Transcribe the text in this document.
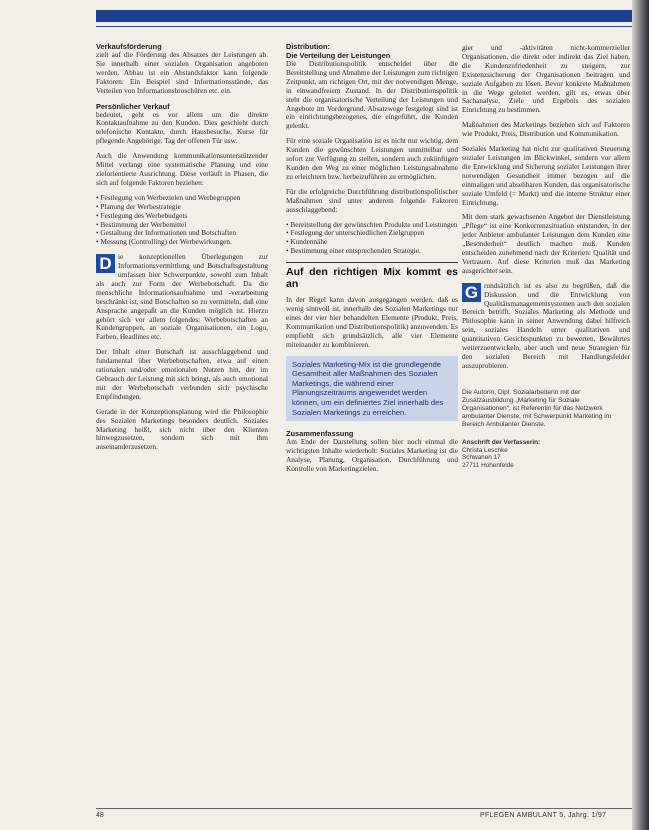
Verkaufsförderung

zielt auf die Förderung des Absatzes der Leistungen ab. Sie innerhalb einer sozialen Organisation angeboten werden. Abbau ist ein Abstandsfaktor kann folgende Faktoren: Ein Beispiel sind Informationsstände, das Verteilen von Informationsbroschüren etc. ein.

Persönlicher Verkauf

bedeutet, geht es vor allem um die direkte Kontaktaufnahme zu den Kunden. Dies geschieht durch telefonische Kontakte, durch Hausbesuche, Kurse für pflegende Angehörige, Tag der offenen Tür usw.

Auch die Anwendung kommunikationsunterstützender Mittel verlangt eine systematische Planung und eine zielorientierte Ausrichtung. Diese verläuft in Phasen, die sich auf folgende Faktoren beziehen:

• Festlegung von Werbezielen und Werbegruppen
• Planung der Werbestrategie
• Festlegung des Werbebudgets
• Bestimmung der Werbemittel
• Gestaltung der Informationen und Botschaften
• Messung (Controlling) der Werbewirkungen.

D ie konzeptionellen Überlegungen zur Informationsvermittlung und Botschaftsgestaltung umfassen hier Schwerpunkte, sowohl zum Inhalt als auch zur Form der Werbebotschaft. Da die menschliche Informationsaufnahme und -verarbeitung beschränkt ist, sind Botschaften so zu vermitteln, daß eine Ansprache angepaßt an die Kunden möglich ist. Hierzu gehört sich vor allem folgendes: Werbebotschaften an Kundengruppen, an soziale Organisationen, ein Logo, Farben, Headlines etc.

Der Inhalt einer Botschaft ist ausschlaggebend und fundamental über Werbebotschaften, etwa auf einen rationalen und/oder emotionalen Nutzen hin, der im Gebrauch der Leistung mit sich bringt, als auch emotional mit der Werbebotschaft verbunden sich psychische Empfindungen.

Gerade in der Konzeptionsplanung wird die Philosophie des Sozialen Marketings besonders deutlich. Soziales Marketing heißt, sich nicht über den Klienten hinwegzusetzen, sondern sich mit ihm auseinanderzusetzen.

Distribution:
Die Verteilung der Leistungen

Die Distributionspolitik entscheidet über die Bereitstellung und Abnahme der Leistungen zum richtigen Zeitpunkt, am richtigen Ort, mit der notwendigen Menge, in einwandfreiem Zustand. In der Distributionspolitik steht die organisatorische Verteilung der Leistungen und Angebote im Vordergrund. Absatzwege festgelegt sind ist ein einrichtungsbezogenes, die eingeführt, die Kunden gelenkt.

Für eine soziale Organisation ist es nicht nur wichtig, dem Kunden die gewünschten Leistungen unmittelbar und sofort zur Verfügung zu stellen, sondern auch zukünftigen Kunden den Weg zu einer möglichen Leistungsabnahme zu erleichtern bzw. herbeizuführen zu ermöglichen.

Für die erfolgreiche Durchführung distributionspolitischer Maßnahmen sind unter anderem folgende Faktoren ausschlaggebend:

• Bereitstellung der gewünschten Produkte und Leistungen
• Festlegung der unterschiedlichen Zielgruppen
• Kundennähe
• Bestimmung einer entsprechenden Strategie.
Auf den richtigen Mix kommt es an

In der Regel kann davon ausgegangen werden, daß es wenig sinnvoll ist, innerhalb des Sozialen Marketings nur eines der vier hier behandelten Elemente (Produkt, Preis, Kommunikation und Distributionspolitik) anzuwenden. Es empfiehlt sich grundsätzlich, alle vier Elemente miteinander zu kombinieren.

Soziales Marketing-Mix ist die grundlegende Gesamtheit aller Maßnahmen des Sozialen Marketings, die während einer Planungszeitraums angewendet werden können, um ein definiertes Ziel innerhalb des Sozialen Marketings zu erreichen.
Zusammenfassung

Am Ende der Darstellung sollen hier noch einmal die wichtigsten Inhalte wiederholt: Soziales Marketing ist die Analyse, Planung, Organisation, Durchführung und Kontrolle von Marketingzielen.

gier und -aktivitäten nicht-kommerzieller Organisationen, die direkt oder indirekt das Ziel haben, die Kundenzufriedenheit zu steigern, zur Existenzsicherung der Organisationen beitragen und soziale Aufgaben zu lösen. Bevor konkrete Maßnahmen in die Wege geleitet werden, gilt es, etwas über Sachanalyse, Ziele und Ergebnis des sozialen Einrichtung zu bestimmen.

Maßnahmen des Marketings beziehen sich auf Faktoren wie Produkt, Preis, Distribution und Kommunikation.

Soziales Marketing hat nicht zur qualitativen Steuerung sozialer Leistungen im Blickwinkel, sondern vor allem die Entwicklung und Sicherung sozialer Leistungen ihrer notwendigen Gesundheit immer bezogen auf die einmaligen und absehbaren Kunden, das organisatorische soziale Umfeld (= Markt) und die interne Struktur einer Einrichtung.

Mit dem stark gewachsenen Angebot der Dienstleistung „Pflege“ ist eine Konkurrenzsituation entstanden, in der jeder Anbieter ambulanter Leistungen dem Kunden eine „Besonderheit“ deutlich machen muß. Kunden entscheiden zunehmend nach der Kriterien: Qualität und Vertrauen. Auf diese Kriterien muß das Marketing ausgerichtet sein.

G rundsätzlich ist es also zu begrüßen, daß die Diskussion und die Entwicklung von Qualitätsmanagementsystemen auch den sozialen Bereich betrifft. Soziales Marketing als Methode und Philosophie kann in seiner Anwendung dabei hilfreich sein, soziales Handeln unter qualitativen und quantitativen Gesichtspunkten zu bewerten, Bewährtes weiterzuentwickeln, aber auch und neue Strategien für den sozialen Bereich mit Handlungsfelder auszuprobieren.

Die Autorin, Dipl. Sozialarbeiterin mit der Zusatzausbildung „Marketing für Soziale Organisationen“, ist Referentin für das Netzwerk ambulanter Dienste, mit Schwerpunkt Marketing im Bereich Ambulanter Dienste.
Anschrift der Verfasserin:
Christa Leschke
Schwanen 17
27711 Hohenfelde
48	PFLEGEN AMBULANT 5. Jahrg. 1/97
